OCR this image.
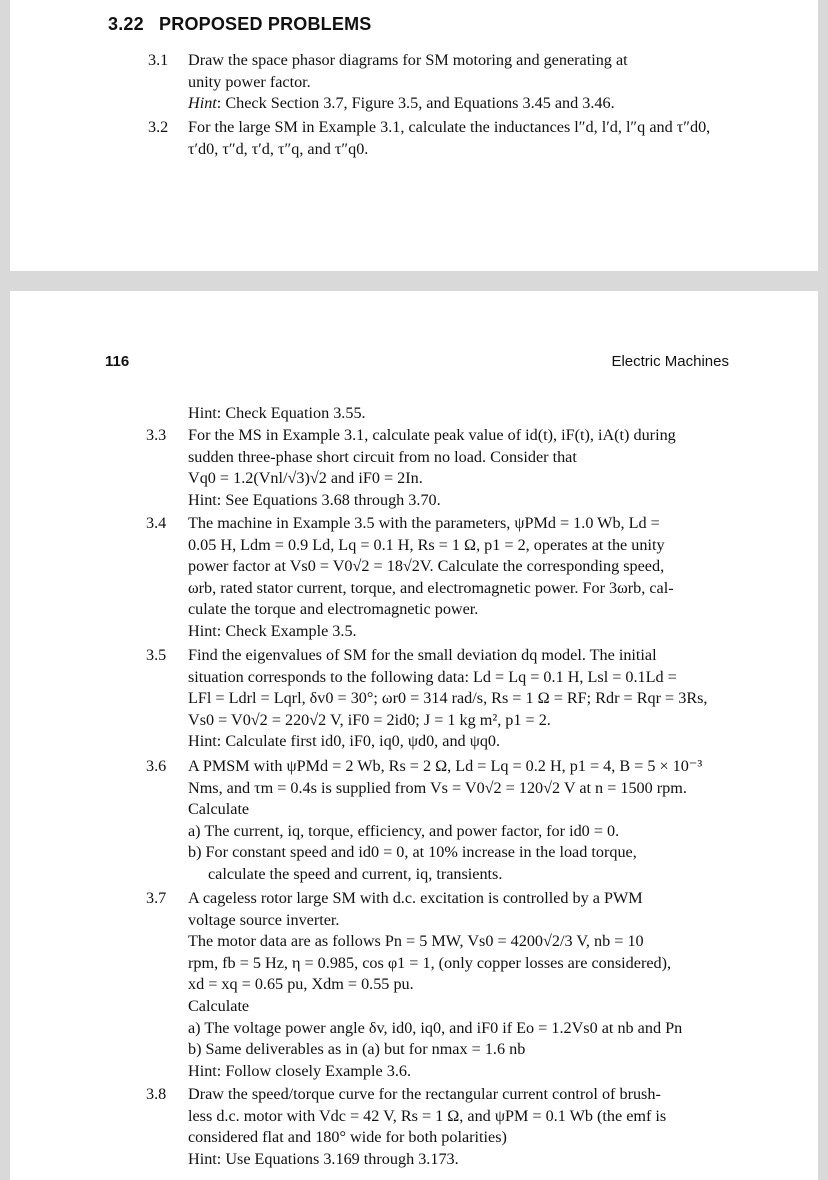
3.22 PROPOSED PROBLEMS
3.1 Draw the space phasor diagrams for SM motoring and generating at
unity power factor.
Hint: Check Section 3.7, Figure 3.5, and Equations 3.45 and 3.46.
3.2 For the large SM in Example 3.1, calculate the inductances l″d, l′d, l″q and τ″d0,
τ′d0, τ″d, τ′d, τ″q, and τ″q0.
116	Electric Machines
Hint: Check Equation 3.55.
3.3 For the MS in Example 3.1, calculate peak value of id(t), iF(t), iA(t) during
sudden three-phase short circuit from no load. Consider that
Vq0 = 1.2(Vnl/√3)√2 and iF0 = 2In.
Hint: See Equations 3.68 through 3.70.
3.4 The machine in Example 3.5 with the parameters, ψPMd = 1.0 Wb, Ld =
0.05 H, Ldm = 0.9 Ld, Lq = 0.1 H, Rs = 1 Ω, p1 = 2, operates at the unity
power factor at Vs0 = V0√2 = 18√2V. Calculate the corresponding speed,
ωrb, rated stator current, torque, and electromagnetic power. For 3ωrb, cal-
culate the torque and electromagnetic power.
Hint: Check Example 3.5.
3.5 Find the eigenvalues of SM for the small deviation dq model. The initial
situation corresponds to the following data: Ld = Lq = 0.1 H, Lsl = 0.1Ld =
LFl = Ldrl = Lqrl, δv0 = 30°; ωr0 = 314 rad/s, Rs = 1 Ω = RF; Rdr = Rqr = 3Rs,
Vs0 = V0√2 = 220√2 V, iF0 = 2id0; J = 1 kg m², p1 = 2.
Hint: Calculate first id0, iF0, iq0, ψd0, and ψq0.
3.6 A PMSM with ψPMd = 2 Wb, Rs = 2 Ω, Ld = Lq = 0.2 H, p1 = 4, B = 5 × 10⁻³
Nms, and τm = 0.4s is supplied from Vs = V0√2 = 120√2 V at n = 1500 rpm.
Calculate
a) The current, iq, torque, efficiency, and power factor, for id0 = 0.
b) For constant speed and id0 = 0, at 10% increase in the load torque,
calculate the speed and current, iq, transients.
3.7 A cageless rotor large SM with d.c. excitation is controlled by a PWM
voltage source inverter.
The motor data are as follows Pn = 5 MW, Vs0 = 4200√2/3 V, nb = 10
rpm, fb = 5 Hz, η = 0.985, cos φ1 = 1, (only copper losses are considered),
xd = xq = 0.65 pu, Xdm = 0.55 pu.
Calculate
a) The voltage power angle δv, id0, iq0, and iF0 if Eo = 1.2Vs0 at nb and Pn
b) Same deliverables as in (a) but for nmax = 1.6 nb
Hint: Follow closely Example 3.6.
3.8 Draw the speed/torque curve for the rectangular current control of brush-
less d.c. motor with Vdc = 42 V, Rs = 1 Ω, and ψPM = 0.1 Wb (the emf is
considered flat and 180° wide for both polarities)
Hint: Use Equations 3.169 through 3.173.
